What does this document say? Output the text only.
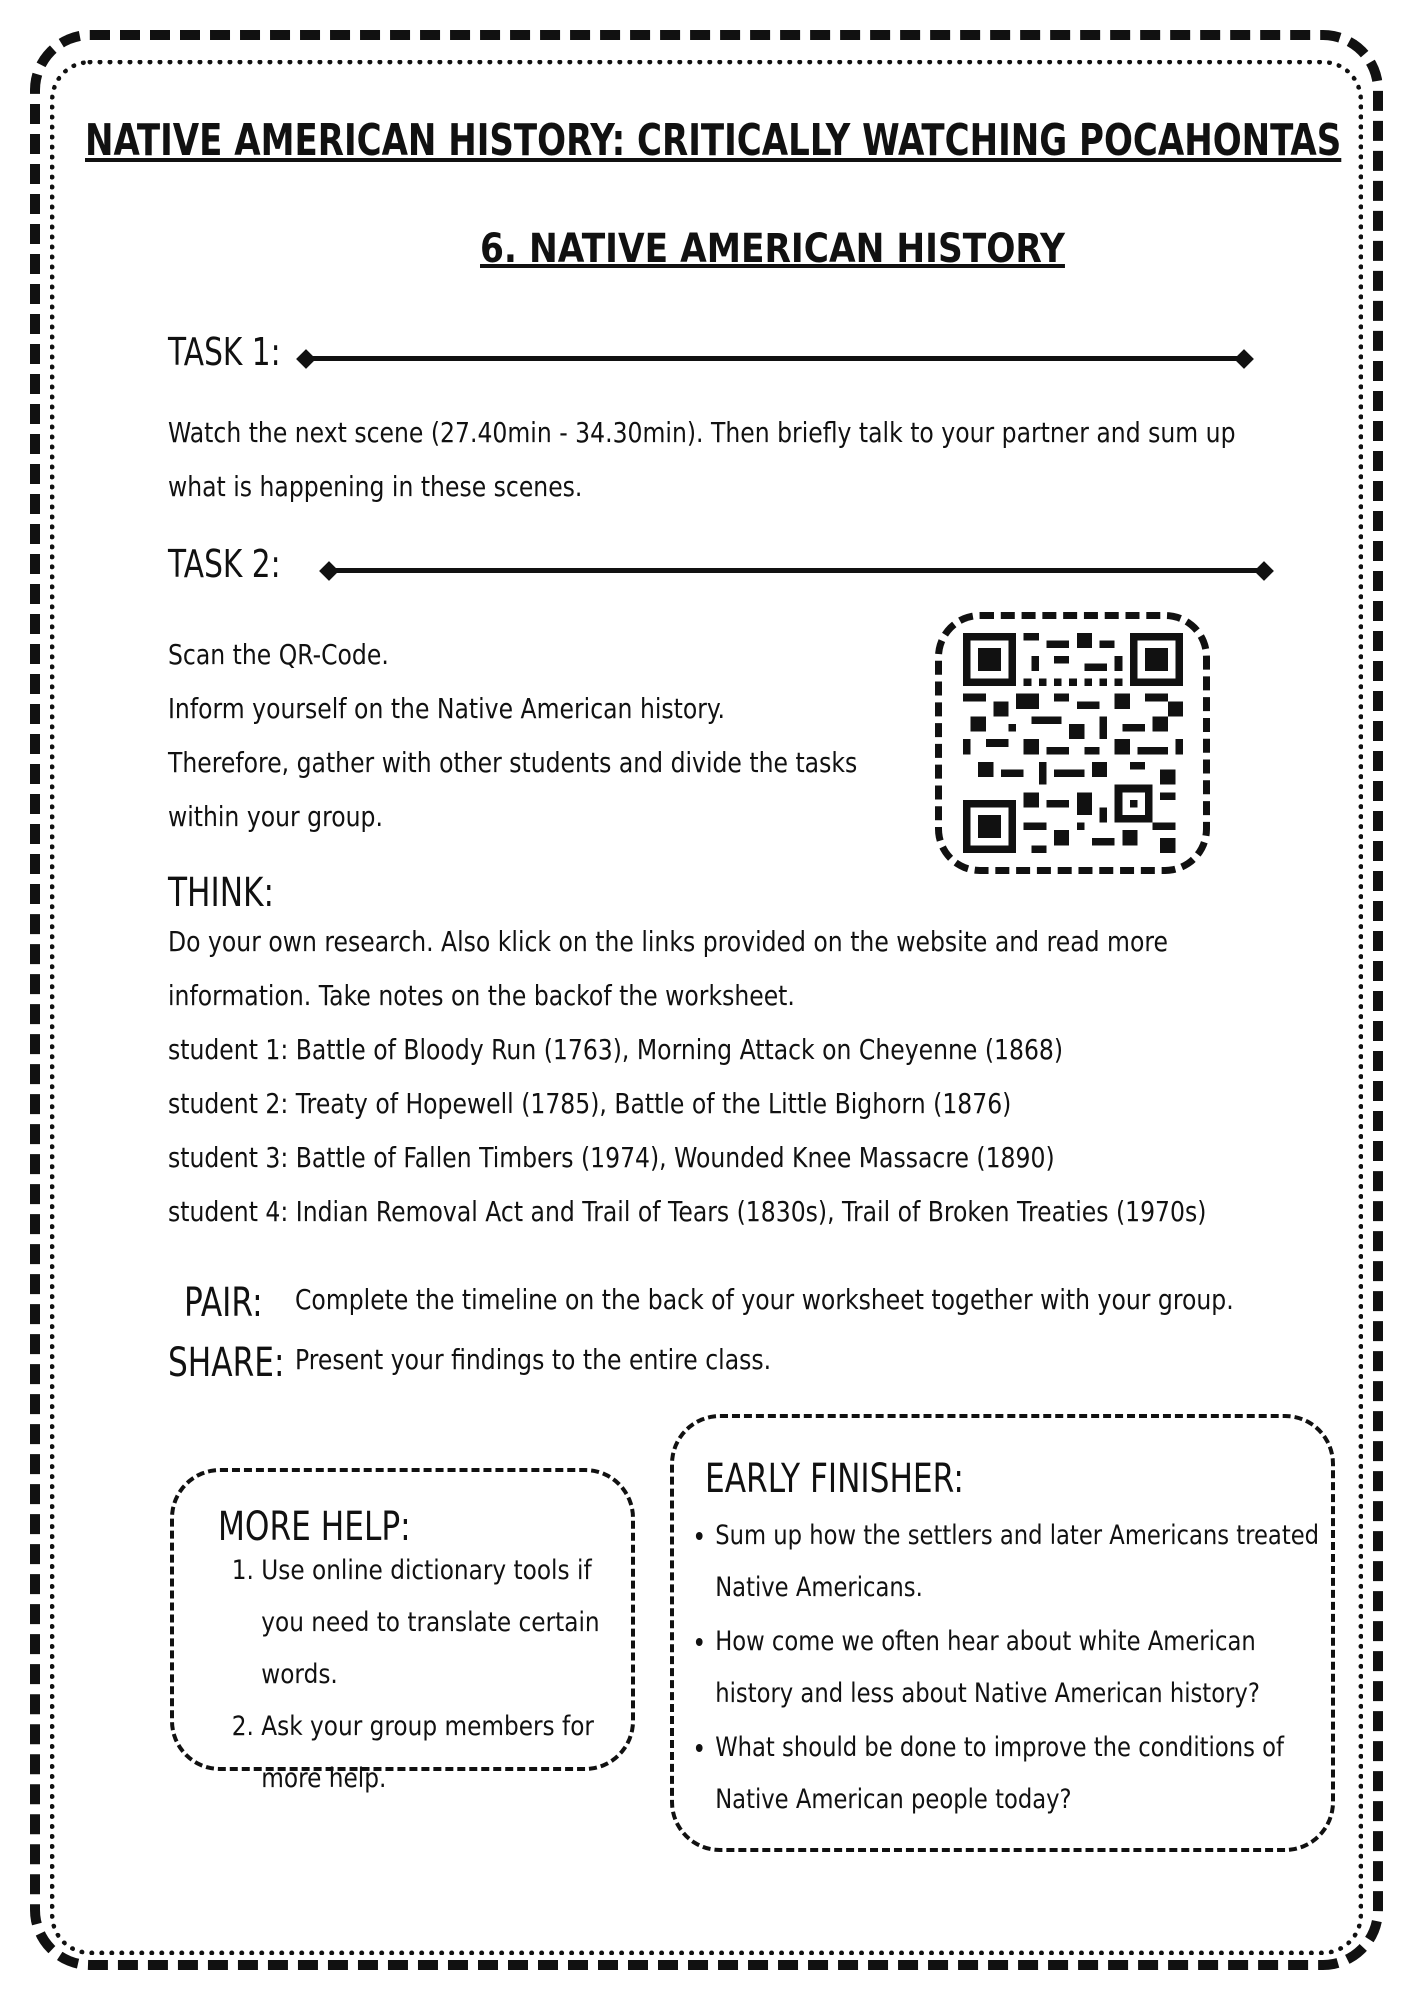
NATIVE AMERICAN HISTORY: CRITICALLY WATCHING POCAHONTAS
6. NATIVE AMERICAN HISTORY
TASK 1:
Watch the next scene (27.40min - 34.30min). Then briefly talk to your partner and sum up what is happening in these scenes.
TASK 2:
Scan the QR-Code.
Inform yourself on the Native American history.
Therefore, gather with other students and divide the tasks
within your group.
THINK:
Do your own research. Also klick on the links provided on the website and read more
information. Take notes on the backof the worksheet.
student 1: Battle of Bloody Run (1763), Morning Attack on Cheyenne (1868)
student 2: Treaty of Hopewell (1785), Battle of the Little Bighorn (1876)
student 3: Battle of Fallen Timbers (1974), Wounded Knee Massacre (1890)
student 4: Indian Removal Act and Trail of Tears (1830s), Trail of Broken Treaties (1970s)
PAIR: Complete the timeline on the back of your worksheet together with your group.
SHARE: Present your findings to the entire class.
MORE HELP:
1. Use online dictionary tools if you need to translate certain words.
2. Ask your group members for more help.
EARLY FINISHER:
• Sum up how the settlers and later Americans treated Native Americans.
• How come we often hear about white American history and less about Native American history?
• What should be done to improve the conditions of Native American people today?
